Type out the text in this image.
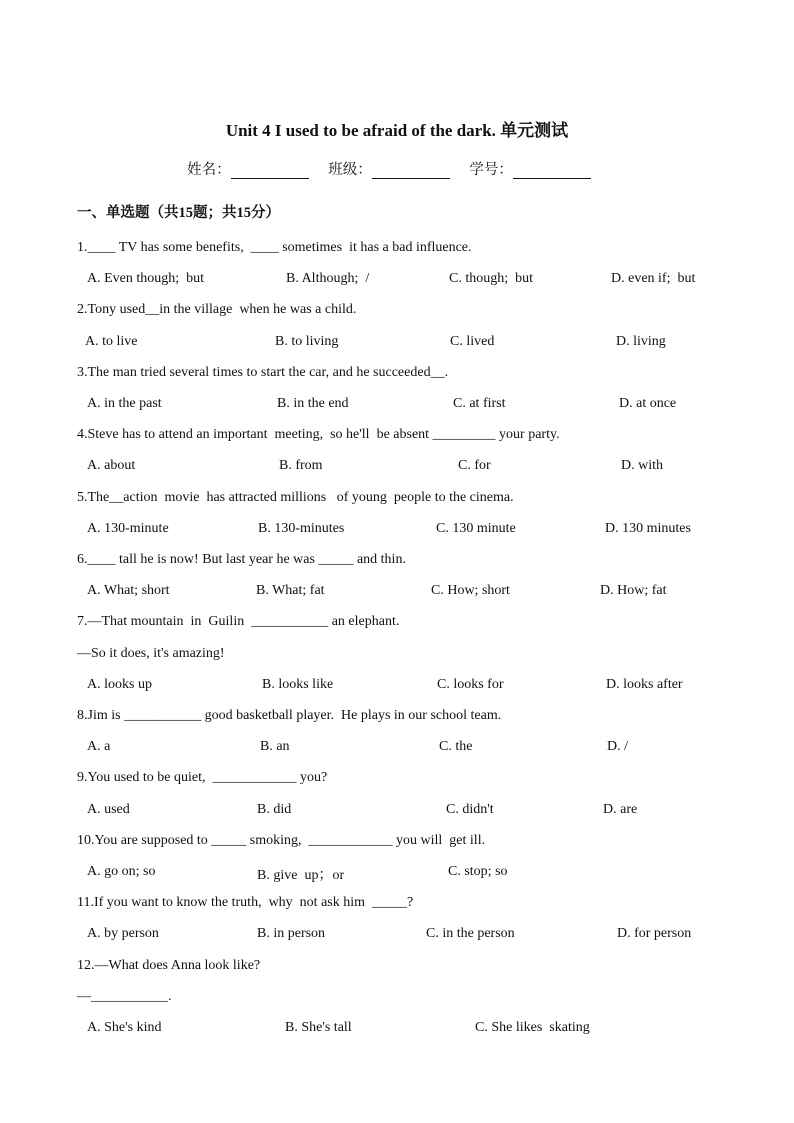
Unit 4 I used to be afraid of the dark. 单元测试
姓名：	班级：	学号：
一、单选题（共15题；共15分）
1.____ TV has some benefits,  ____ sometimes  it has a bad influence.
A. Even though;  but	B. Although;  /	C. though;  but	D. even if;  but
2.Tony used__in the village  when he was a child.
A. to live	B. to living	C. lived	D. living
3.The man tried several times to start the car, and he succeeded__.
A. in the past	B. in the end	C. at first	D. at once
4.Steve has to attend an important  meeting,  so he'll  be absent _________ your party.
A. about	B. from	C. for	D. with
5.The__action  movie  has attracted millions   of young  people to the cinema.
A. 130-minute	B. 130-minutes	C. 130 minute	D. 130 minutes
6.____ tall he is now! But last year he was _____ and thin.
A. What; short	B. What; fat	C. How; short	D. How; fat
7.—That mountain  in  Guilin  ___________ an elephant.
—So it does, it's amazing!
A. looks up	B. looks like	C. looks for	D. looks after
8.Jim is ___________ good basketball player.  He plays in our school team.
A. a	B. an	C. the	D. /
9.You used to be quiet,  ____________ you?
A. used	B. did	C. didn't	D. are
10.You are supposed to _____ smoking,  ____________ you will  get ill.
A. go on; so	B. give  up；or	C. stop; so
11.If you want to know the truth,  why  not ask him  _____?
A. by person	B. in person	C. in the person	D. for person
12.—What does Anna look like?
—___________.
A. She's kind	B. She's tall	C. She likes  skating
